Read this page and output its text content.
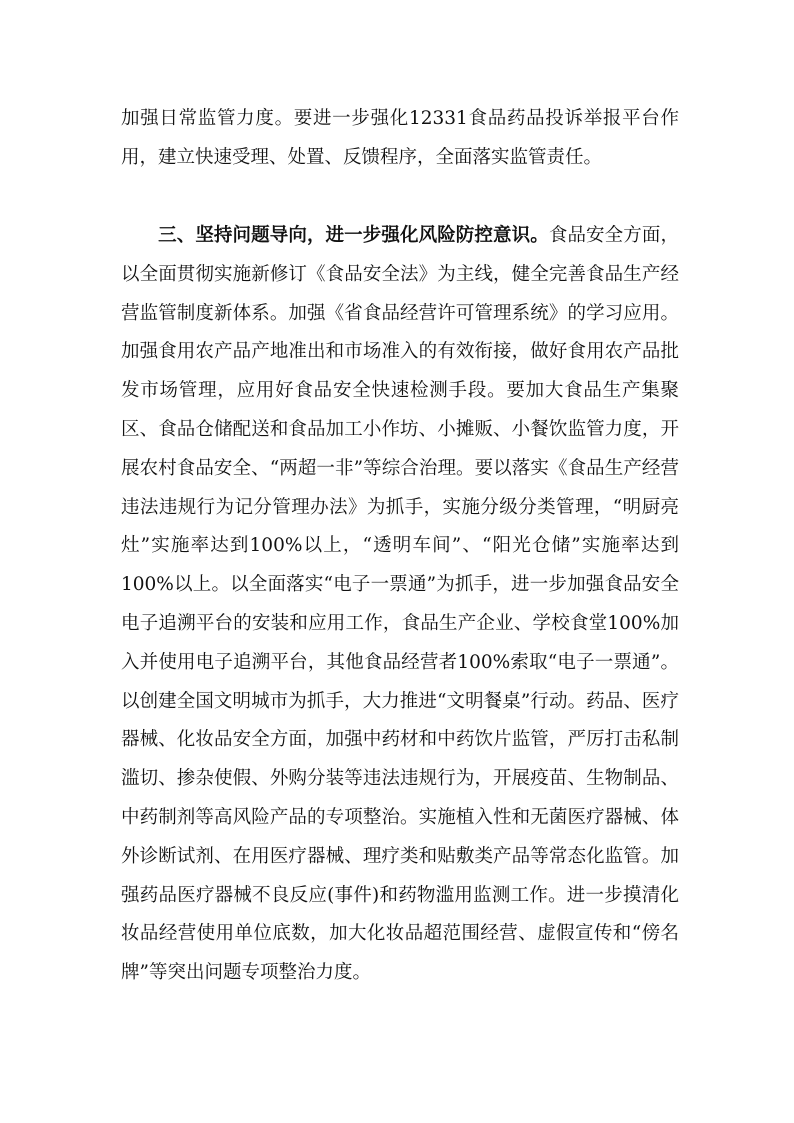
加强日常监管力度。要进一步强化12331食品药品投诉举报平台作用，建立快速受理、处置、反馈程序，全面落实监管责任。

三、坚持问题导向，进一步强化风险防控意识。食品安全方面，以全面贯彻实施新修订《食品安全法》为主线，健全完善食品生产经营监管制度新体系。加强《省食品经营许可管理系统》的学习应用。加强食用农产品产地准出和市场准入的有效衔接，做好食用农产品批发市场管理，应用好食品安全快速检测手段。要加大食品生产集聚区、食品仓储配送和食品加工小作坊、小摊贩、小餐饮监管力度，开展农村食品安全、“两超一非”等综合治理。要以落实《食品生产经营违法违规行为记分管理办法》为抓手，实施分级分类管理，“明厨亮灶”实施率达到100%以上，“透明车间”、“阳光仓储”实施率达到100%以上。以全面落实“电子一票通”为抓手，进一步加强食品安全电子追溯平台的安装和应用工作，食品生产企业、学校食堂100%加入并使用电子追溯平台，其他食品经营者100%索取“电子一票通”。以创建全国文明城市为抓手，大力推进“文明餐桌”行动。药品、医疗器械、化妆品安全方面，加强中药材和中药饮片监管，严厉打击私制滥切、掺杂使假、外购分装等违法违规行为，开展疫苗、生物制品、中药制剂等高风险产品的专项整治。实施植入性和无菌医疗器械、体外诊断试剂、在用医疗器械、理疗类和贴敷类产品等常态化监管。加强药品医疗器械不良反应(事件)和药物滥用监测工作。进一步摸清化妆品经营使用单位底数，加大化妆品超范围经营、虚假宣传和“傍名牌”等突出问题专项整治力度。
